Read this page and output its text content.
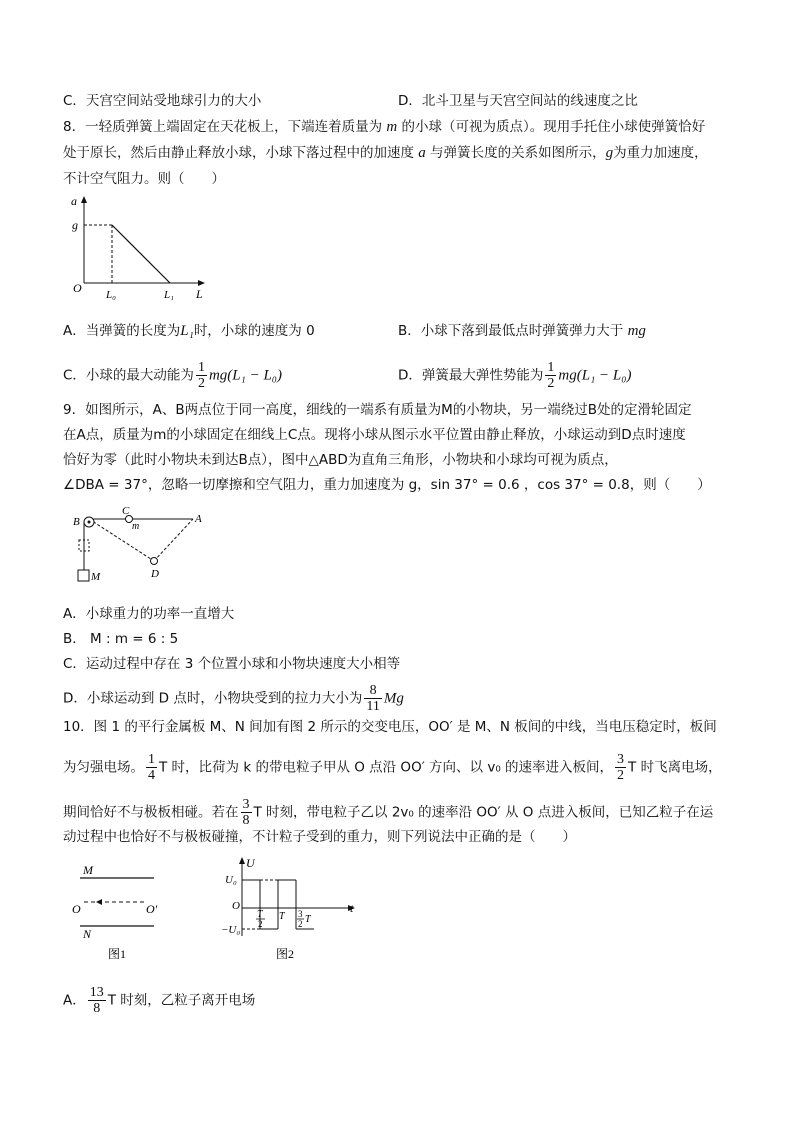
C．天宫空间站受地球引力的大小	D．北斗卫星与天宫空间站的线速度之比
8．一轻质弹簧上端固定在天花板上，下端连着质量为 m 的小球（可视为质点）。现用手托住小球使弹簧恰好
处于原长，然后由静止释放小球，小球下落过程中的加速度 a 与弹簧长度的关系如图所示，g为重力加速度，
不计空气阻力。则（　　）
a
g
O L₀	L₁ L
A．当弹簧的长度为L₁时，小球的速度为 0	B．小球下落到最低点时弹簧弹力大于 mg
C．小球的最大动能为 $\frac{1}{2} mg(L_1 - L_0)$	D．弹簧最大弹性势能为 $\frac{1}{2} mg(L_1 - L_0)$
9．如图所示，A、B两点位于同一高度，细线的一端系有质量为M的小物块，另一端绕过B处的定滑轮固定
在A点，质量为m的小球固定在细线上C点。现将小球从图示水平位置由静止释放，小球运动到D点时速度
恰好为零（此时小物块未到达B点），图中△ABD为直角三角形，小物块和小球均可视为质点，
∠DBA = 37°，忽略一切摩擦和空气阻力，重力加速度为 g，sin 37° = 0.6 ，cos 37° = 0.8，则（　　）
B
C
m
A
D
M
A．小球重力的功率一直增大
B． M : m = 6 : 5
C．运动过程中存在 3 个位置小球和小物块速度大小相等
D．小球运动到 D 点时，小物块受到的拉力大小为 $\frac{8}{11}$ Mg
10．图 1 的平行金属板 M、N 间加有图 2 所示的交变电压，OO′ 是 M、N 板间的中线，当电压稳定时，板间
为匀强电场。 $\frac{1}{4}$ T 时，比荷为 k 的带电粒子甲从 O 点沿 OO′ 方向、以 v₀ 的速率进入板间， $\frac{3}{2}$ T 时飞离电场，
期间恰好不与极板相碰。若在 $\frac{3}{8}$ T 时刻，带电粒子乙以 2v₀ 的速率沿 OO′ 从 O 点进入板间，已知乙粒子在运
动过程中也恰好不与极板碰撞，不计粒子受到的重力，则下列说法中正确的是（　　）
M
N
O	O′
图1
U
U₀
−U₀
O	t
T
2
T 3
2 T
图2
A． $\frac{13}{8}$ T 时刻，乙粒子离开电场
